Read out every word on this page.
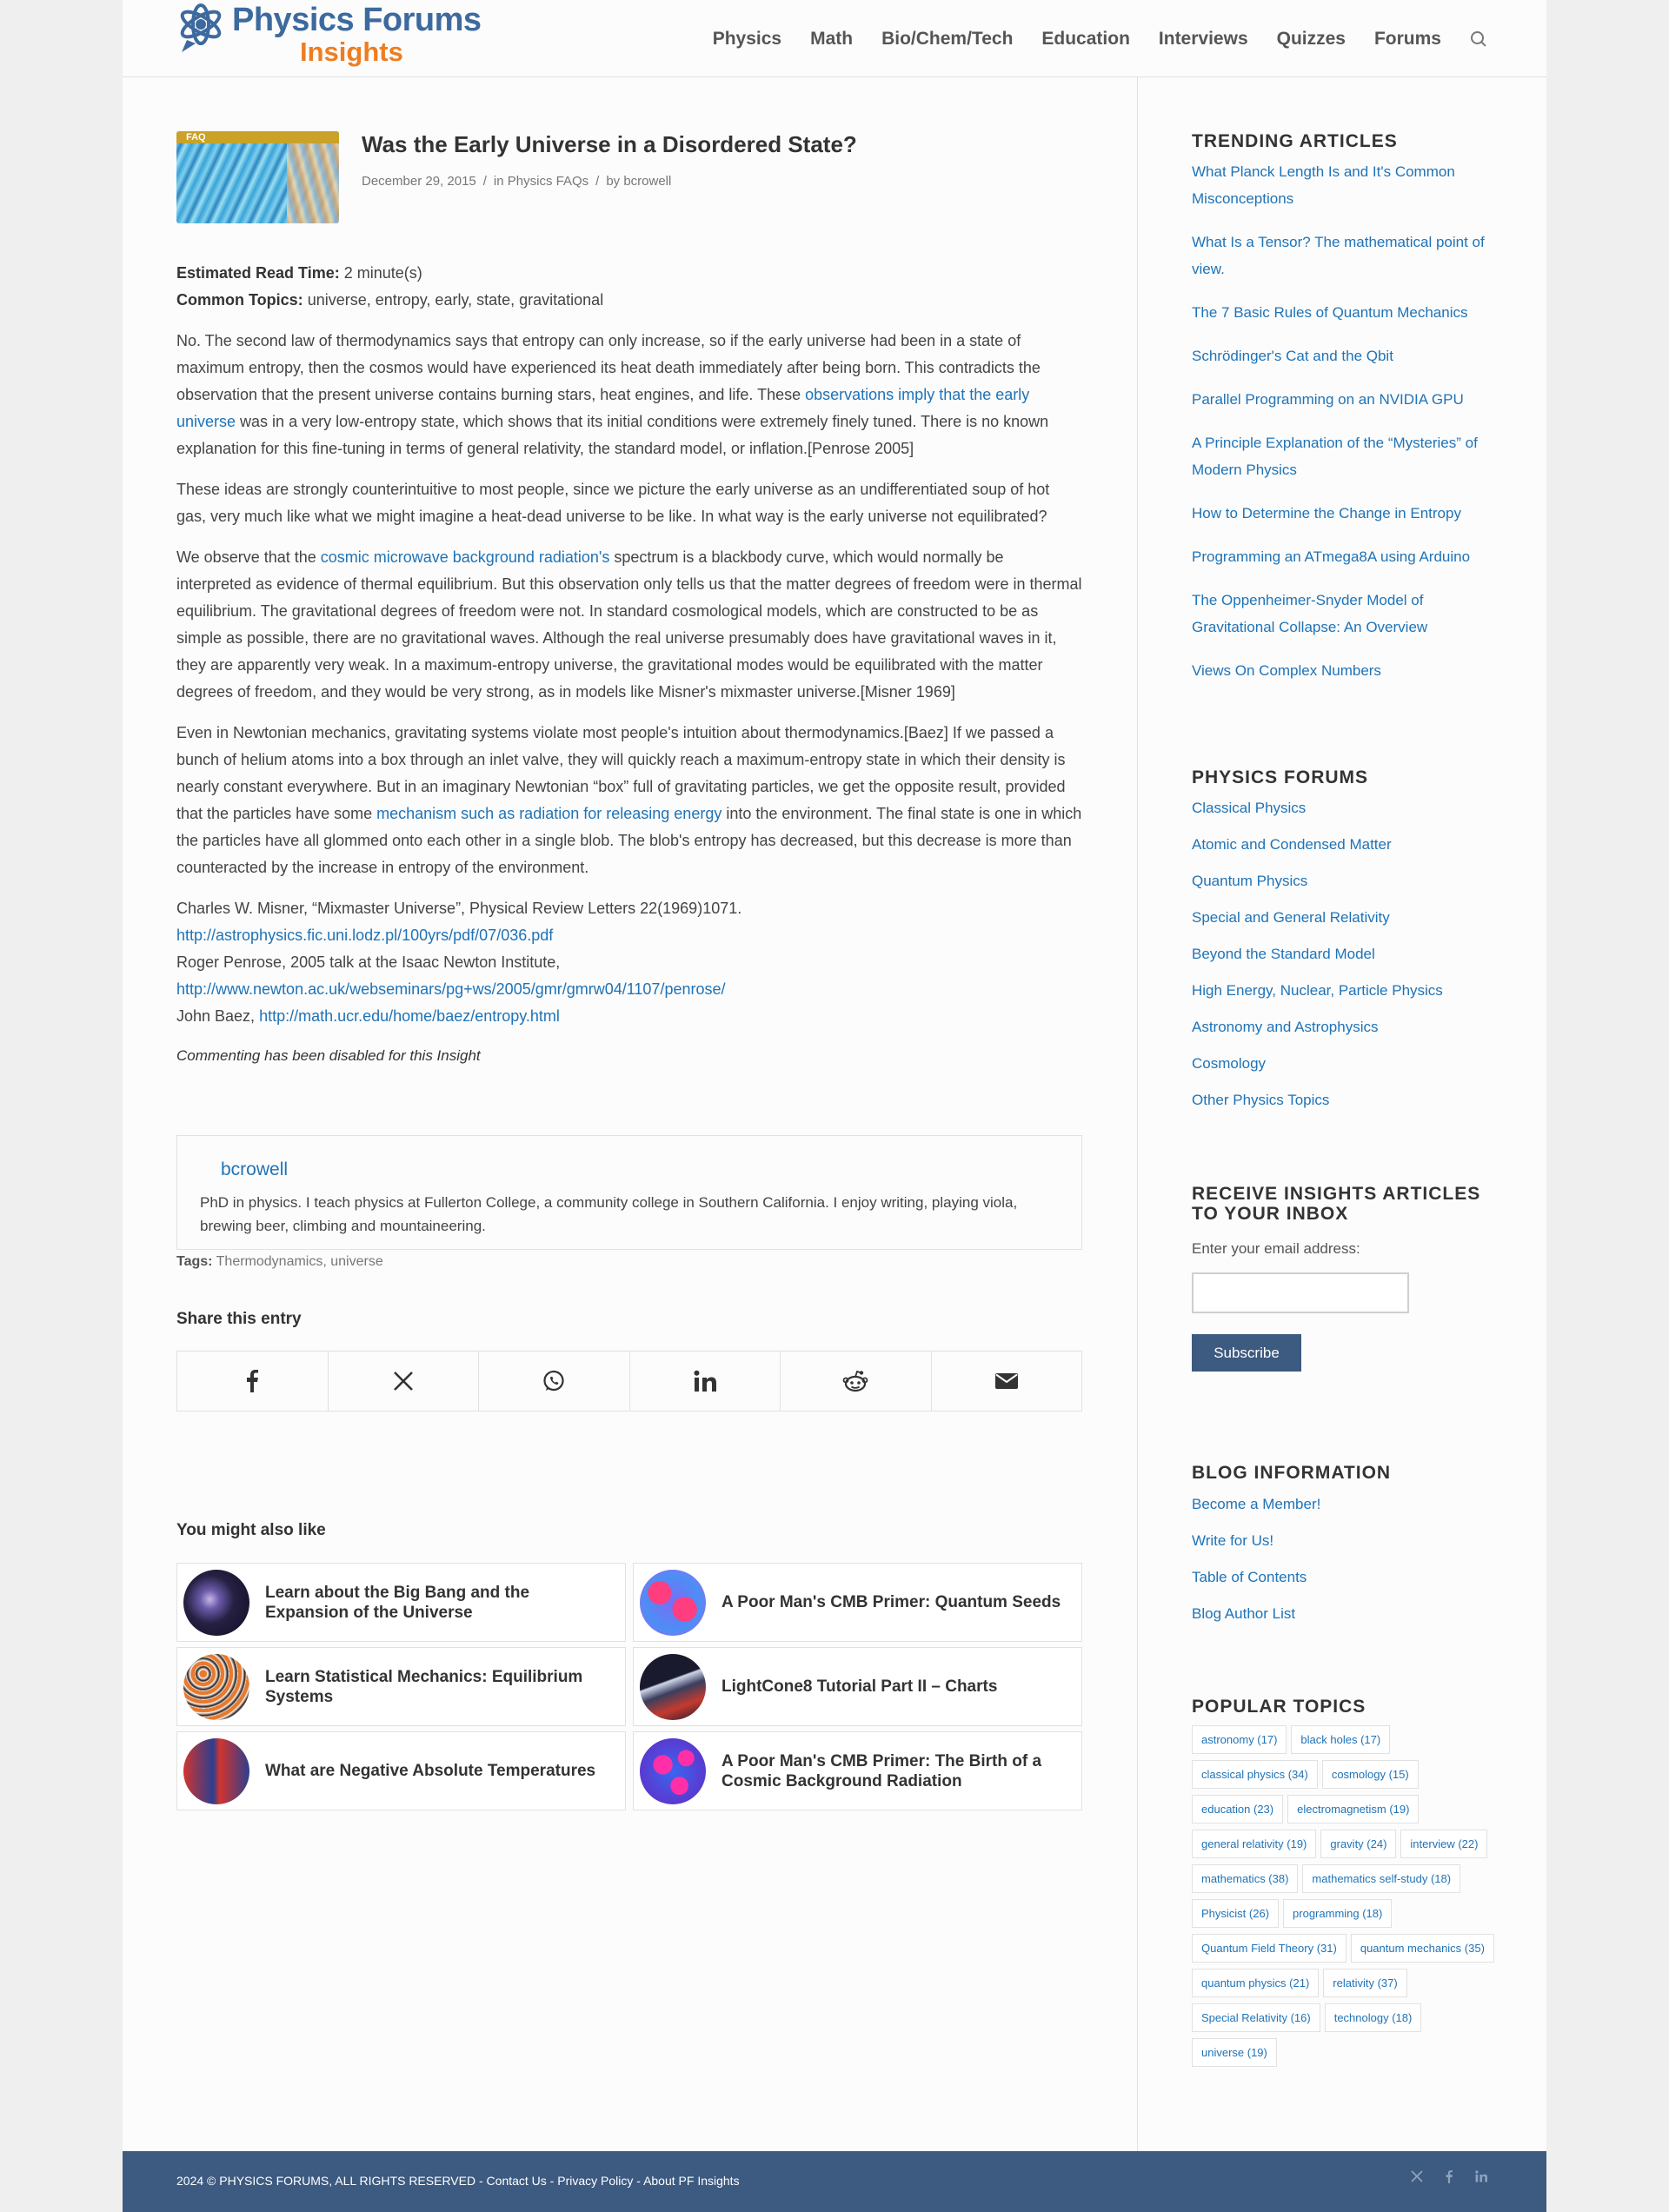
Physics Forums
Insights	Physics Math Bio/Chem/Tech Education Interviews Quizzes Forums
FAQ	Was the Early Universe in a Disordered State?
December 29, 2015 / in Physics FAQs / by bcrowell

Estimated Read Time: 2 minute(s)

Common Topics: universe, entropy, early, state, gravitational

No. The second law of thermodynamics says that entropy can only increase, so if the early universe had been in a state of maximum entropy, then the cosmos would have experienced its heat death immediately after being born. This contradicts the observation that the present universe contains burning stars, heat engines, and life. These observations imply that the early universe was in a very low-entropy state, which shows that its initial conditions were extremely finely tuned. There is no known explanation for this fine-tuning in terms of general relativity, the standard model, or inflation.[Penrose 2005]

These ideas are strongly counterintuitive to most people, since we picture the early universe as an undifferentiated soup of hot gas, very much like what we might imagine a heat-dead universe to be like. In what way is the early universe not equilibrated?

We observe that the cosmic microwave background radiation's spectrum is a blackbody curve, which would normally be interpreted as evidence of thermal equilibrium. But this observation only tells us that the matter degrees of freedom were in thermal equilibrium. The gravitational degrees of freedom were not. In standard cosmological models, which are constructed to be as simple as possible, there are no gravitational waves. Although the real universe presumably does have gravitational waves in it, they are apparently very weak. In a maximum-entropy universe, the gravitational modes would be equilibrated with the matter degrees of freedom, and they would be very strong, as in models like Misner's mixmaster universe.[Misner 1969]

Even in Newtonian mechanics, gravitating systems violate most people's intuition about thermodynamics.[Baez] If we passed a bunch of helium atoms into a box through an inlet valve, they will quickly reach a maximum-entropy state in which their density is nearly constant everywhere. But in an imaginary Newtonian “box” full of gravitating particles, we get the opposite result, provided that the particles have some mechanism such as radiation for releasing energy into the environment. The final state is one in which the particles have all glommed onto each other in a single blob. The blob's entropy has decreased, but this decrease is more than counteracted by the increase in entropy of the environment.

Charles W. Misner, “Mixmaster Universe”, Physical Review Letters 22(1969)1071. http://astrophysics.fic.uni.lodz.pl/100yrs/pdf/07/036.pdf
Roger Penrose, 2005 talk at the Isaac Newton Institute, http://www.newton.ac.uk/webseminars/pg+ws/2005/gmr/gmrw04/1107/penrose/
John Baez, http://math.ucr.edu/home/baez/entropy.html
Commenting has been disabled for this Insight
bcrowell
PhD in physics. I teach physics at Fullerton College, a community college in Southern California. I enjoy writing, playing viola, brewing beer, climbing and mountaineering.
Tags: Thermodynamics, universe
Share this entry
You might also like
Learn about the Big Bang and the Expansion of the Universe
A Poor Man's CMB Primer: Quantum Seeds
Learn Statistical Mechanics: Equilibrium Systems
LightCone8 Tutorial Part II – Charts
What are Negative Absolute Temperatures
A Poor Man's CMB Primer: The Birth of a Cosmic Background Radiation
TRENDING ARTICLES
What Planck Length Is and It's Common Misconceptions
What Is a Tensor? The mathematical point of view.
The 7 Basic Rules of Quantum Mechanics
Schrödinger's Cat and the Qbit
Parallel Programming on an NVIDIA GPU
A Principle Explanation of the “Mysteries” of Modern Physics
How to Determine the Change in Entropy
Programming an ATmega8A using Arduino
The Oppenheimer-Snyder Model of Gravitational Collapse: An Overview
Views On Complex Numbers
PHYSICS FORUMS
Classical Physics
Atomic and Condensed Matter
Quantum Physics
Special and General Relativity
Beyond the Standard Model
High Energy, Nuclear, Particle Physics
Astronomy and Astrophysics
Cosmology
Other Physics Topics
RECEIVE INSIGHTS ARTICLES TO YOUR INBOX
Enter your email address:
Subscribe
BLOG INFORMATION
Become a Member!
Write for Us!
Table of Contents
Blog Author List
POPULAR TOPICS
astronomy (17)	black holes (17)
classical physics (34)	cosmology (15)
education (23)	electromagnetism (19)
general relativity (19)	gravity (24)	interview (22)
mathematics (38)	mathematics self-study (18)
Physicist (26)	programming (18)
Quantum Field Theory (31)	quantum mechanics (35)
quantum physics (21)	relativity (37)
Special Relativity (16)	technology (18)
universe (19)
2024 © PHYSICS FORUMS, ALL RIGHTS RESERVED - Contact Us - Privacy Policy - About PF Insights
